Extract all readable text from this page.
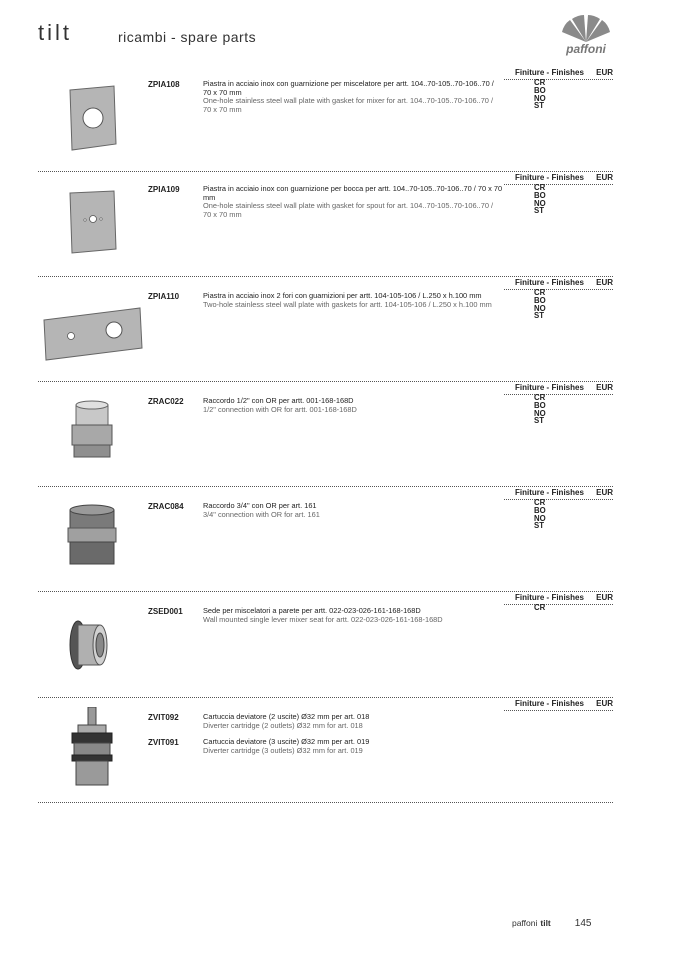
tilt	ricambi - spare parts
paffoni
Finiture - Finishes EUR
ZPIA108	Piastra in acciaio inox con guarnizione per miscelatore per artt. 104..70-105..70-106..70 / 70 x 70 mm
One-hole stainless steel wall plate with gasket for mixer for art. 104..70-105..70-106..70 / 70 x 70 mm
CR
BO
NO
ST
Finiture - Finishes EUR
ZPIA109	Piastra in acciaio inox con guarnizione per bocca per artt. 104..70-105..70-106..70 / 70 x 70 mm
One-hole stainless steel wall plate with gasket for spout for art. 104..70-105..70-106..70 / 70 x 70 mm
CR
BO
NO
ST
Finiture - Finishes EUR
ZPIA110	Piastra in acciaio inox 2 fori con guarnizioni per artt. 104-105-106 / L.250 x h.100 mm
Two-hole stainless steel wall plate with gaskets for artt. 104-105-106 / L.250 x h.100 mm
CR
BO
NO
ST
Finiture - Finishes EUR
ZRAC022	Raccordo 1/2" con OR per artt. 001-168-168D
1/2" connection with OR for artt. 001-168-168D
CR
BO
NO
ST
Finiture - Finishes EUR
ZRAC084	Raccordo 3/4" con OR per art. 161
3/4" connection with OR for art. 161
CR
BO
NO
ST
Finiture - Finishes EUR
ZSED001	Sede per miscelatori a parete per artt. 022-023-026-161-168-168D
Wall mounted single lever mixer seat for artt. 022-023-026-161-168-168D
CR
Finiture - Finishes EUR
ZVIT092	Cartuccia deviatore (2 uscite) Ø32 mm per art. 018
Diverter cartridge (2 outlets) Ø32 mm for art. 018
ZVIT091	Cartuccia deviatore (3 uscite) Ø32 mm per art. 019
Diverter cartridge (3 outlets) Ø32 mm for art. 019
paffoni tilt 145
